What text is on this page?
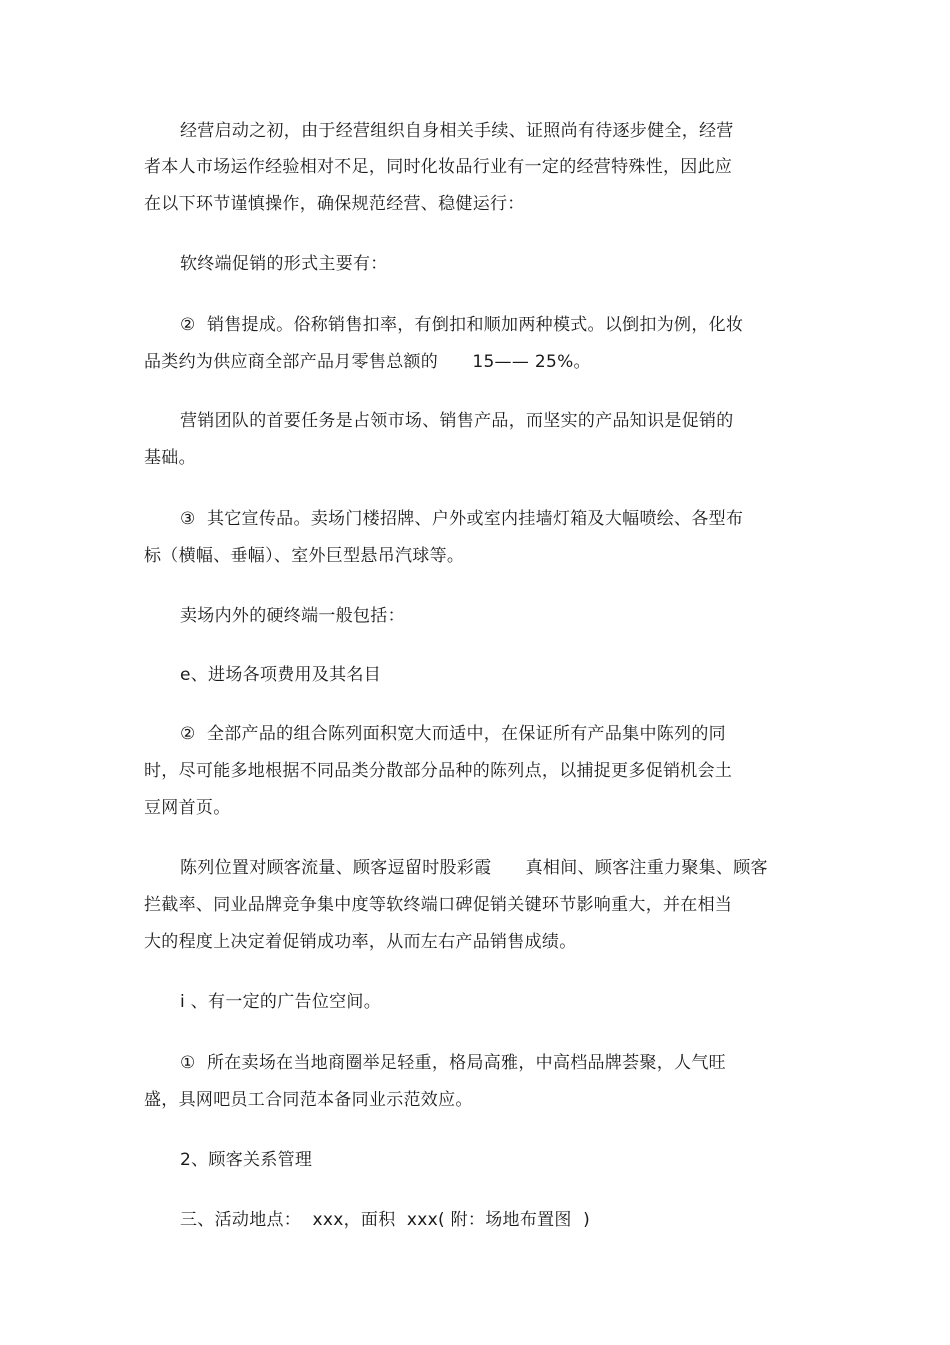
经营启动之初，由于经营组织自身相关手续、证照尚有待逐步健全，经营
者本人市场运作经验相对不足，同时化妆品行业有一定的经营特殊性，因此应
在以下环节谨慎操作，确保规范经营、稳健运行：
软终端促销的形式主要有：
②  销售提成。俗称销售扣率，有倒扣和顺加两种模式。以倒扣为例，化妆
品类约为供应商全部产品月零售总额的      15—— 25%。
营销团队的首要任务是占领市场、销售产品，而坚实的产品知识是促销的
基础。
③  其它宣传品。卖场门楼招牌、户外或室内挂墙灯箱及大幅喷绘、各型布
标（横幅、垂幅）、室外巨型悬吊汽球等。
卖场内外的硬终端一般包括：
e、进场各项费用及其名目
②  全部产品的组合陈列面积宽大而适中，在保证所有产品集中陈列的同
时，尽可能多地根据不同品类分散部分品种的陈列点，以捕捉更多促销机会土
豆网首页。
陈列位置对顾客流量、顾客逗留时股彩霞      真相间、顾客注重力聚集、顾客
拦截率、同业品牌竞争集中度等软终端口碑促销关键环节影响重大，并在相当
大的程度上决定着促销成功率，从而左右产品销售成绩。
i 、有一定的广告位空间。
①  所在卖场在当地商圈举足轻重，格局高雅，中高档品牌荟聚，人气旺
盛，具网吧员工合同范本备同业示范效应。
2、顾客关系管理
三、活动地点：  xxx，面积  xxx( 附：场地布置图  )
